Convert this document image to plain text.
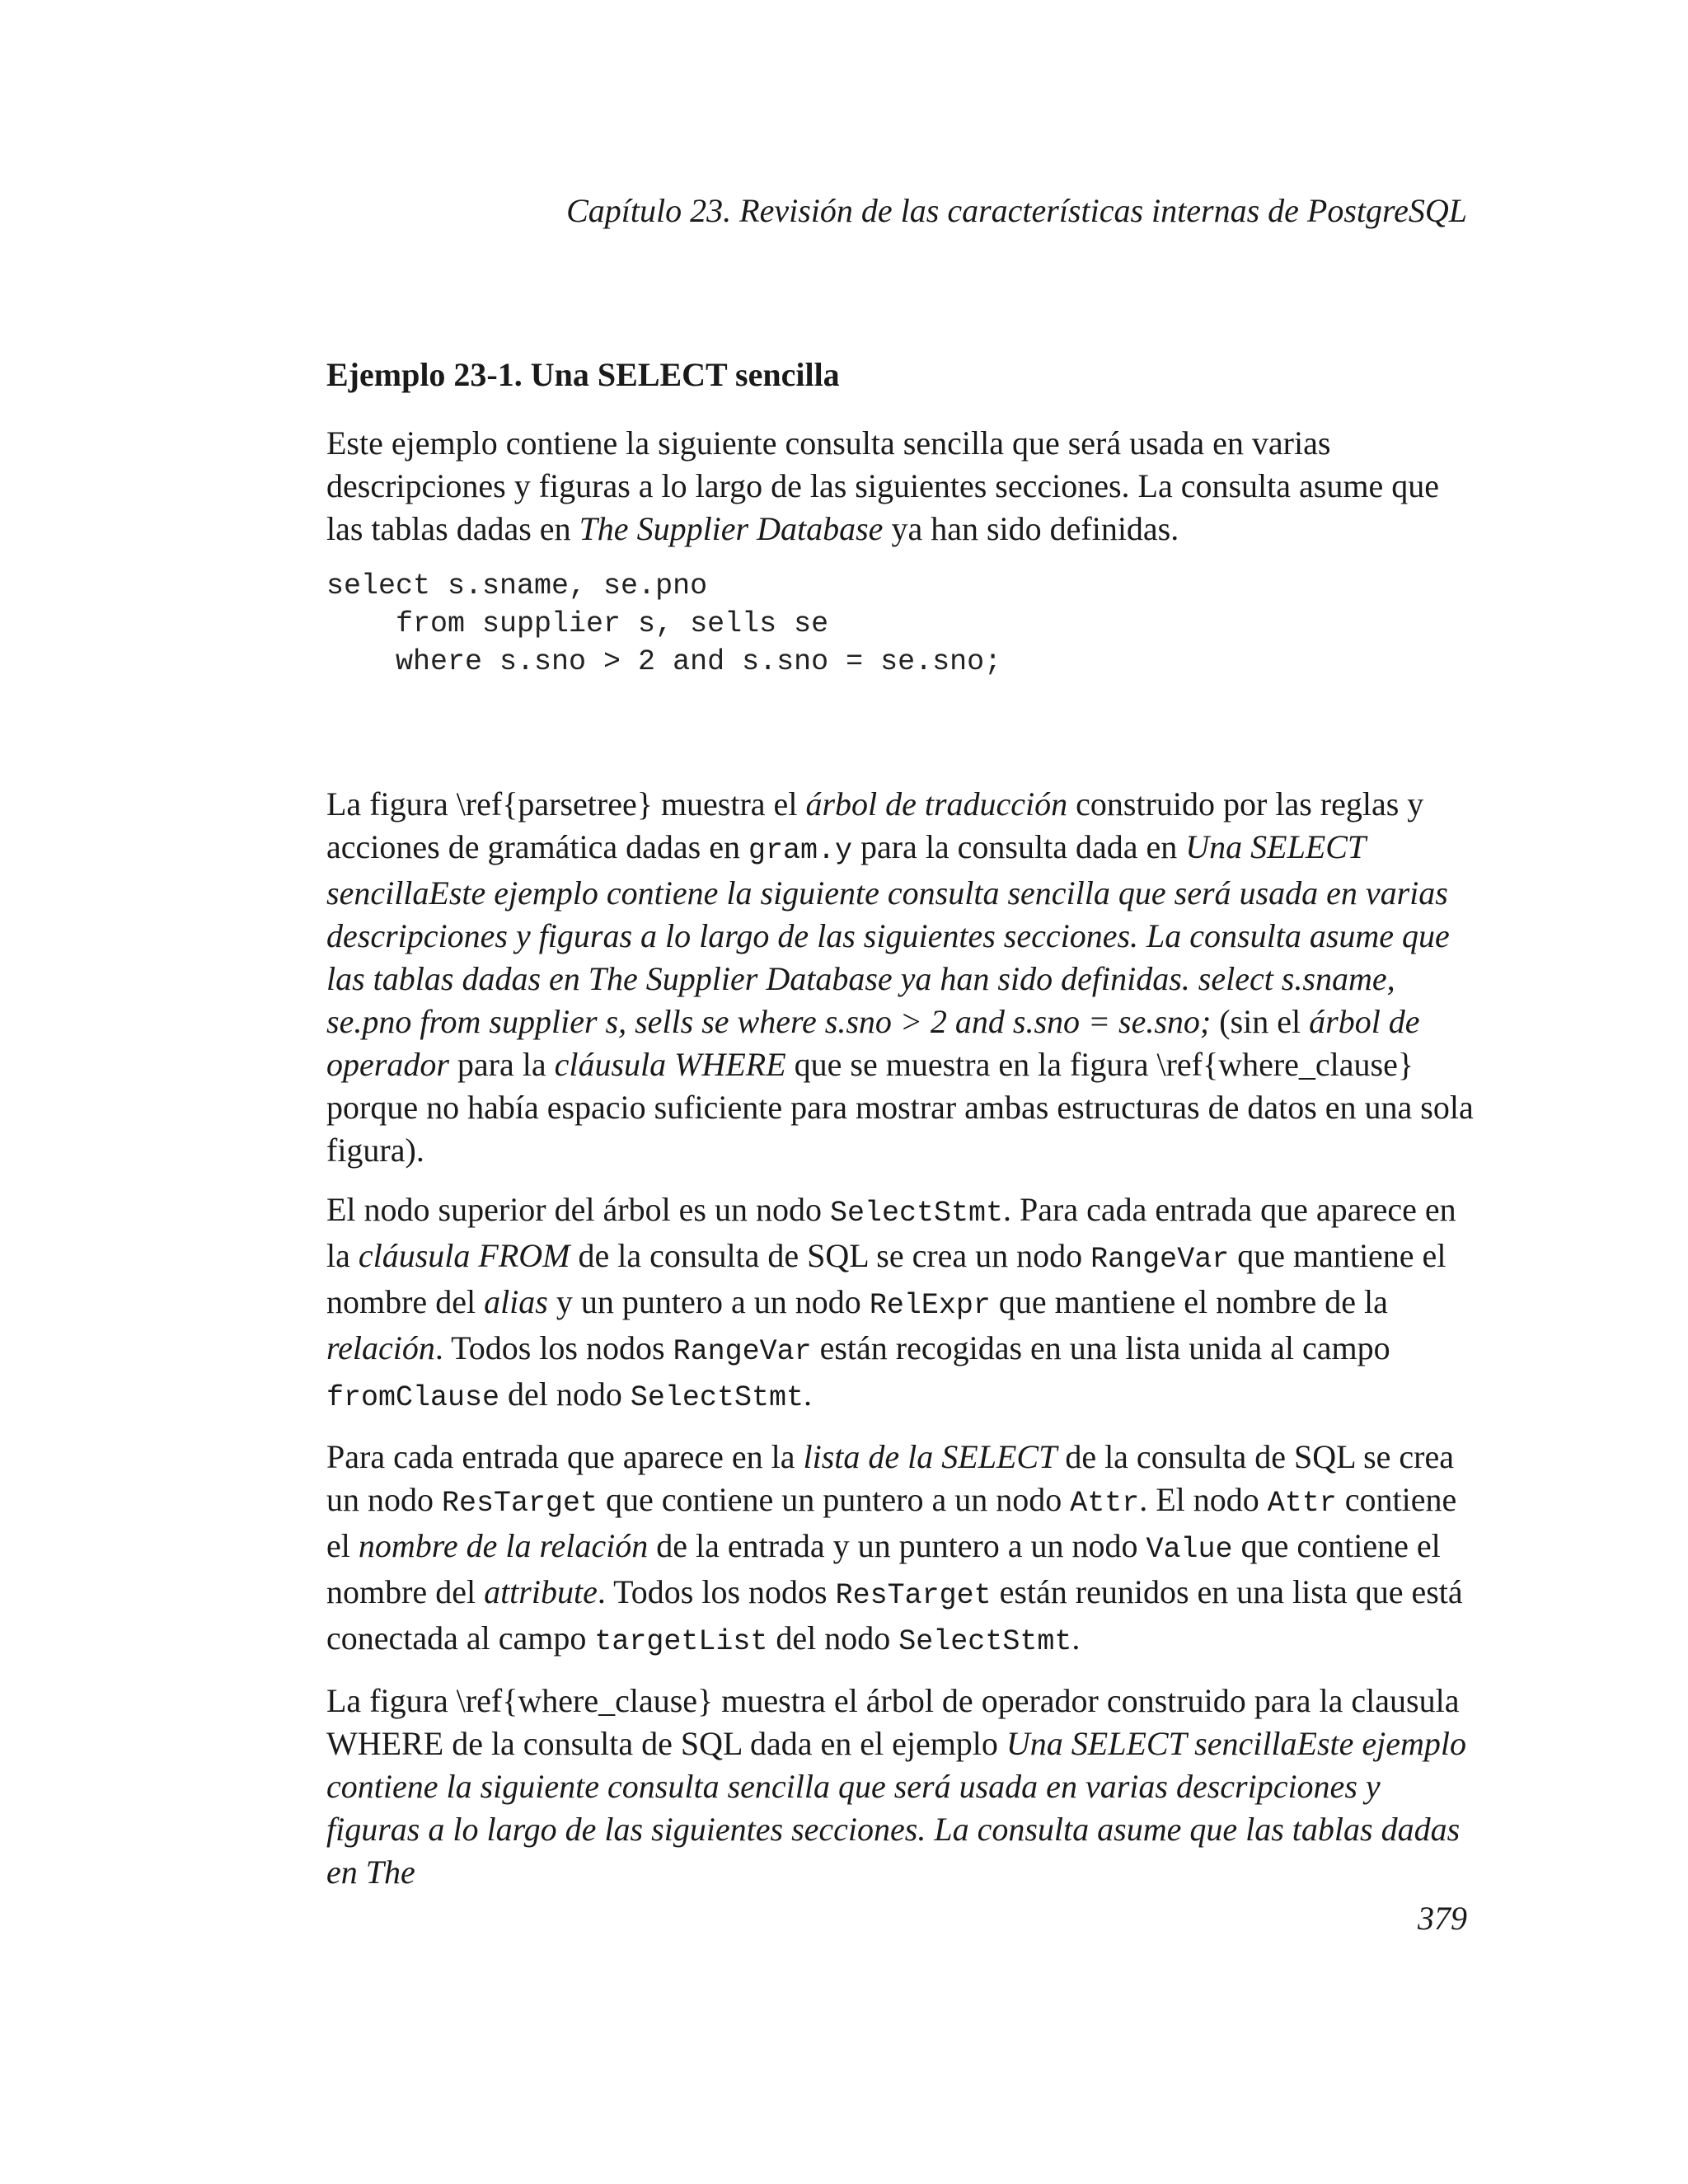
Capítulo 23. Revisión de las características internas de PostgreSQL
Ejemplo 23-1. Una SELECT sencilla

Este ejemplo contiene la siguiente consulta sencilla que será usada en varias descripciones y figuras a lo largo de las siguientes secciones. La consulta asume que las tablas dadas en The Supplier Database ya han sido definidas.

select s.sname, se.pno
from supplier s, sells se
where s.sno > 2 and s.sno = se.sno;

La figura \ref{parsetree} muestra el árbol de traducción construido por las reglas y acciones de gramática dadas en gram.y para la consulta dada en Una SELECT sencillaEste ejemplo contiene la siguiente consulta sencilla que será usada en varias descripciones y figuras a lo largo de las siguientes secciones. La consulta asume que las tablas dadas en The Supplier Database ya han sido definidas. select s.sname, se.pno from supplier s, sells se where s.sno > 2 and s.sno = se.sno; (sin el árbol de operador para la cláusula WHERE que se muestra en la figura \ref{where_clause} porque no había espacio suficiente para mostrar ambas estructuras de datos en una sola figura).

El nodo superior del árbol es un nodo SelectStmt. Para cada entrada que aparece en la cláusula FROM de la consulta de SQL se crea un nodo RangeVar que mantiene el nombre del alias y un puntero a un nodo RelExpr que mantiene el nombre de la relación. Todos los nodos RangeVar están recogidas en una lista unida al campo fromClause del nodo SelectStmt.

Para cada entrada que aparece en la lista de la SELECT de la consulta de SQL se crea un nodo ResTarget que contiene un puntero a un nodo Attr. El nodo Attr contiene el nombre de la relación de la entrada y un puntero a un nodo Value que contiene el nombre del attribute. Todos los nodos ResTarget están reunidos en una lista que está conectada al campo targetList del nodo SelectStmt.

La figura \ref{where_clause} muestra el árbol de operador construido para la clausula WHERE de la consulta de SQL dada en el ejemplo Una SELECT sencillaEste ejemplo contiene la siguiente consulta sencilla que será usada en varias descripciones y figuras a lo largo de las siguientes secciones. La consulta asume que las tablas dadas en The

379
